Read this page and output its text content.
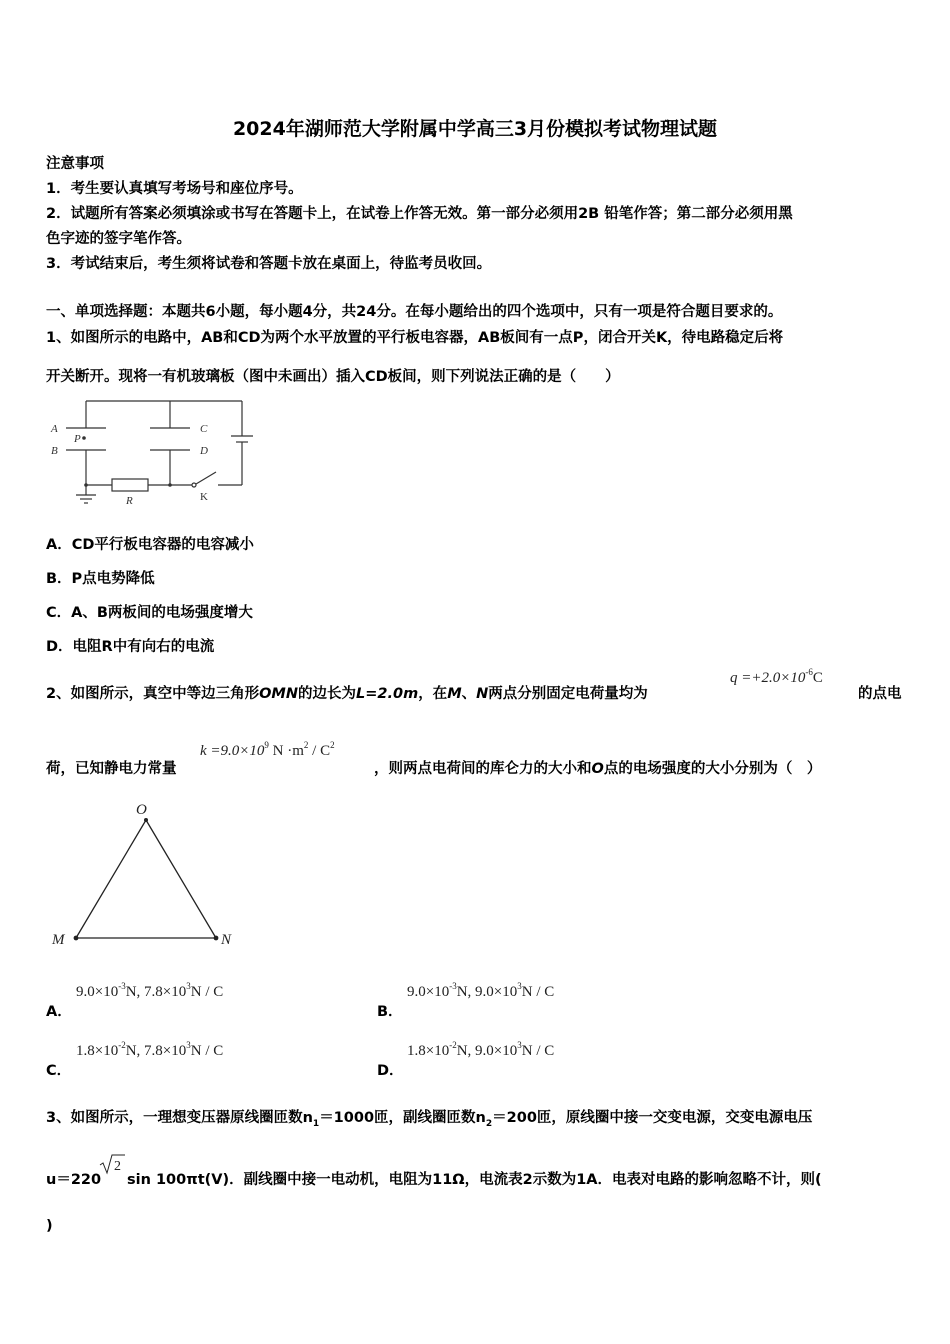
2024年湖师范大学附属中学高三3月份模拟考试物理试题
注意事项
1．考生要认真填写考场号和座位序号。
2．试题所有答案必须填涂或书写在答题卡上，在试卷上作答无效。第一部分必须用2B 铅笔作答；第二部分必须用黑
色字迹的签字笔作答。
3．考试结束后，考生须将试卷和答题卡放在桌面上，待监考员收回。
一、单项选择题：本题共6小题，每小题4分，共24分。在每小题给出的四个选项中，只有一项是符合题目要求的。
1、如图所示的电路中，AB和CD为两个水平放置的平行板电容器，AB板间有一点P，闭合开关K，待电路稳定后将
开关断开。现将一有机玻璃板（图中未画出）插入CD板间，则下列说法正确的是（　　）
A
B
P
C
D
R	K
A．CD平行板电容器的电容减小
B．P点电势降低
C．A、B两板间的电场强度增大
D．电阻R中有向右的电流
2、如图所示，真空中等边三角形OMN的边长为L=2.0m，在M、N两点分别固定电荷量均为
$q =+2.0\times 10^{-6}C$
的点电
荷，已知静电力常量
$k =9.0\times 10^9$ $N \cdot m^2 / C^2$
，则两点电荷间的库仑力的大小和O点的电场强度的大小分别为（　）
O
M	N
A．
$9.0\times 10^{-3}N$, $7.8\times 10^3N / C$
B．
$9.0\times 10^{-3}N$, $9.0\times 10^3N / C$
C．
$1.8\times 10^{-2}N$, $7.8\times 10^3N / C$
D．
$1.8\times 10^{-2}N$, $9.0\times 10^3N / C$
3、如图所示，一理想变压器原线圈匝数$n_1=1000$匝，副线圈匝数$n_2=200$匝，原线圈中接一交变电源，交变电源电压
u＝220
2
sin 100πt(V)．副线圈中接一电动机，电阻为11Ω，电流表2示数为1A．电表对电路的影响忽略不计，则(
)
